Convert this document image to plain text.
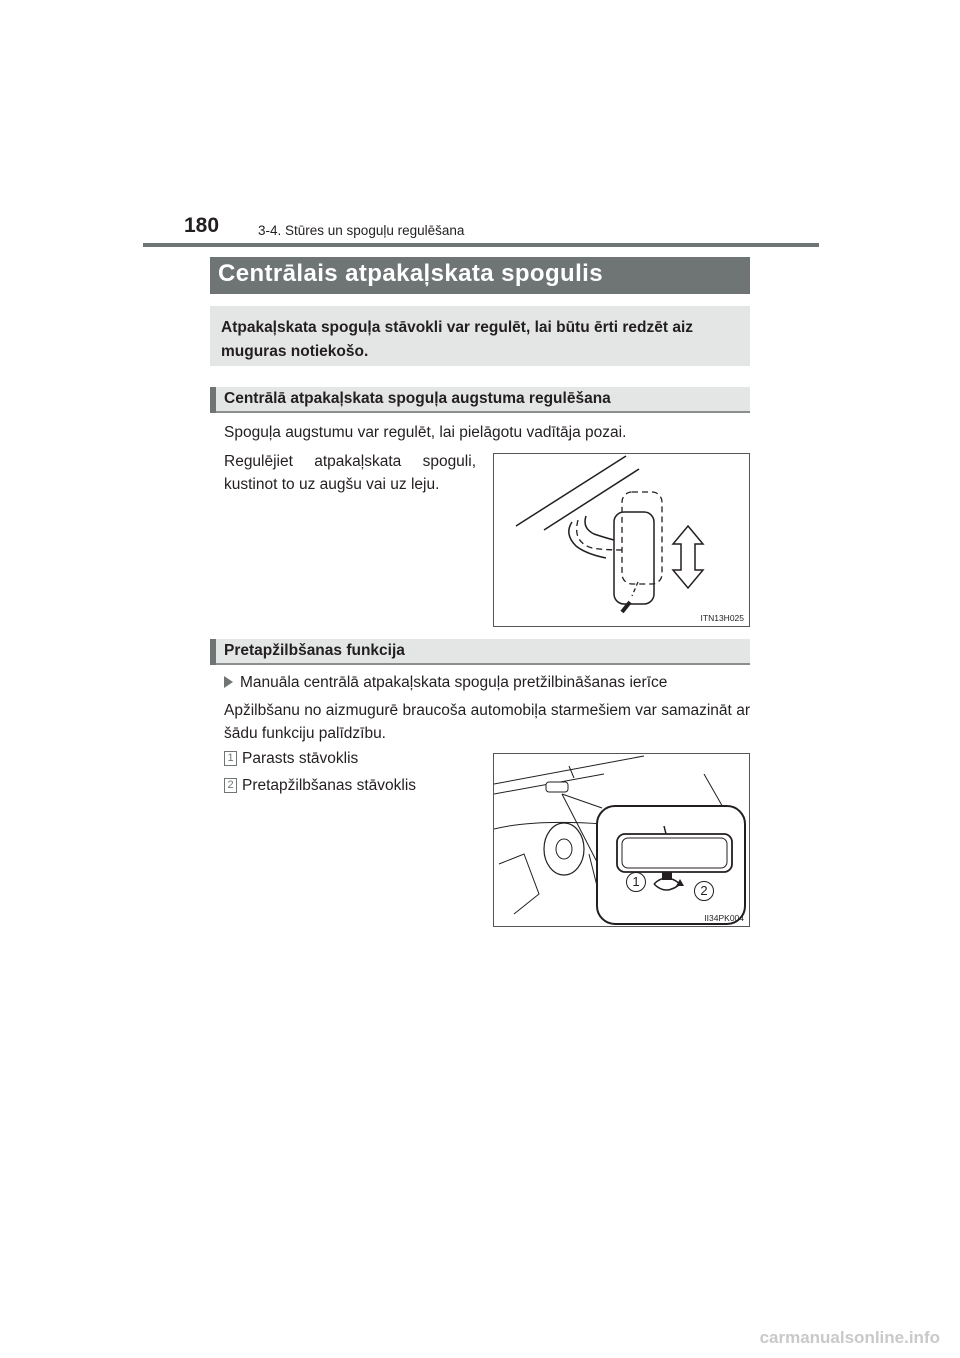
180	3-4. Stūres un spoguļu regulēšana
Centrālais atpakaļskata spogulis
Atpakaļskata spoguļa stāvokli var regulēt, lai būtu ērti redzēt aiz muguras notiekošo.
Centrālā atpakaļskata spoguļa augstuma regulēšana
Spoguļa augstumu var regulēt, lai pielāgotu vadītāja pozai.
Regulējiet atpakaļskata spoguli, kustinot to uz augšu vai uz leju.
ITN13H025
Pretapžilbšanas funkcija
Manuāla centrālā atpakaļskata spoguļa pretžilbināšanas ierīce
Apžilbšanu no aizmugurē braucoša automobiļa starmešiem var samazināt ar šādu funkciju palīdzību.
1 Parasts stāvoklis
2 Pretapžilbšanas stāvoklis
1
2
II34PK004
carmanualsonline.info
